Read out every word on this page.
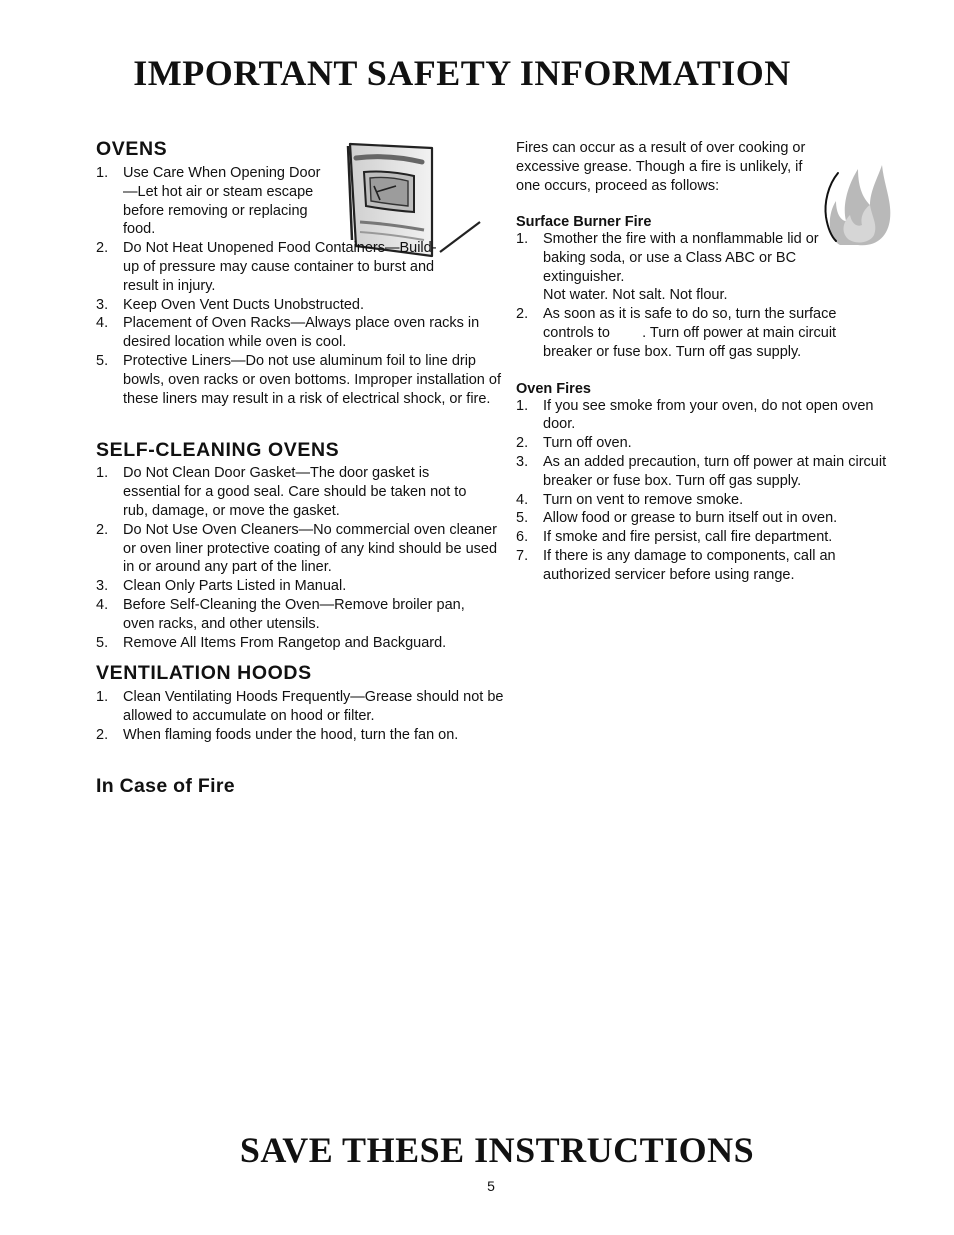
IMPORTANT SAFETY INFORMATION
OVENS
1. Use Care When Opening Door—Let hot air or steam escape before removing or replacing food.
2. Do Not Heat Unopened Food Containers—Build-up of pressure may cause container to burst and result in injury.
3. Keep Oven Vent Ducts Unobstructed.
4. Placement of Oven Racks—Always place oven racks in desired location while oven is cool.
5. Protective Liners—Do not use aluminum foil to line drip bowls, oven racks or oven bottoms. Improper installation of these liners may result in a risk of electrical shock, or fire.
SELF-CLEANING OVENS
1. Do Not Clean Door Gasket—The door gasket is essential for a good seal. Care should be taken not to rub, damage, or move the gasket.
2. Do Not Use Oven Cleaners—No commercial oven cleaner or oven liner protective coating of any kind should be used in or around any part of the liner.
3. Clean Only Parts Listed in Manual.
4. Before Self-Cleaning the Oven—Remove broiler pan, oven racks, and other utensils.
5. Remove All Items From Rangetop and Backguard.
VENTILATION HOODS
1. Clean Ventilating Hoods Frequently—Grease should not be allowed to accumulate on hood or filter.
2. When flaming foods under the hood, turn the fan on.
In Case of Fire

Fires can occur as a result of over cooking or excessive grease. Though a fire is unlikely, if one occurs, proceed as follows:

Surface Burner Fire
1. Smother the fire with a nonflammable lid or baking soda, or use a Class ABC or BC extinguisher.
Not water. Not salt. Not flour.
2. As soon as it is safe to do so, turn the surface controls to        . Turn off power at main circuit breaker or fuse box. Turn off gas supply.
Oven Fires
1. If you see smoke from your oven, do not open oven door.
2. Turn off oven.
3. As an added precaution, turn off power at main circuit breaker or fuse box. Turn off gas supply.
4. Turn on vent to remove smoke.
5. Allow food or grease to burn itself out in oven.
6. If smoke and fire persist, call fire department.
7. If there is any damage to components, call an authorized servicer before using range.
SAVE THESE INSTRUCTIONS
5
